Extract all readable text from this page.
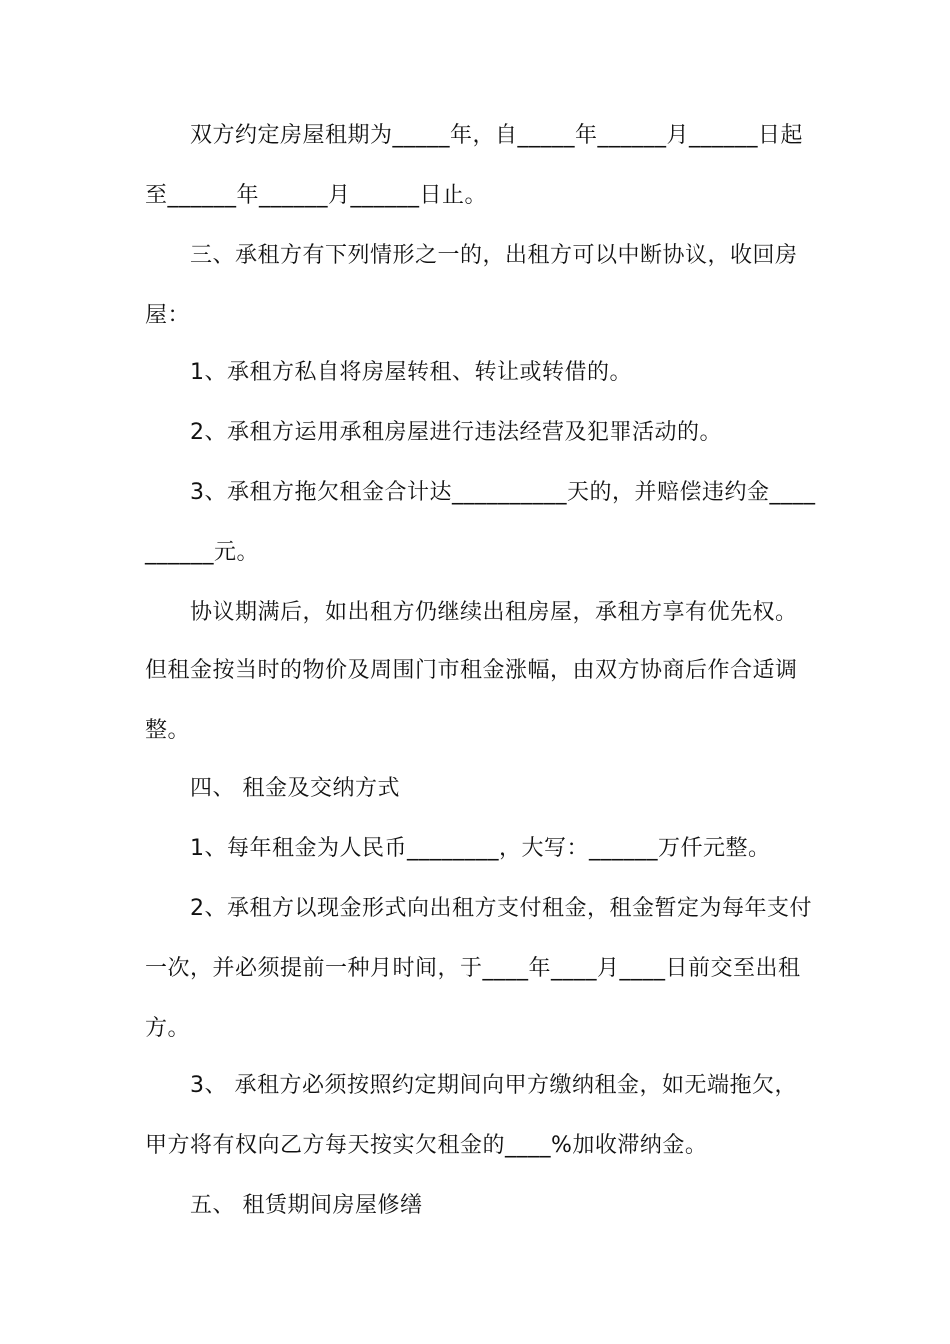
双方约定房屋租期为_____年，自_____年______月______日起
至______年______月______日止。
三、承租方有下列情形之一的，出租方可以中断协议，收回房
屋：
1、承租方私自将房屋转租、转让或转借的。
2、承租方运用承租房屋进行违法经营及犯罪活动的。
3、承租方拖欠租金合计达__________天的，并赔偿违约金____
______元。
协议期满后，如出租方仍继续出租房屋，承租方享有优先权。
但租金按当时的物价及周围门市租金涨幅，由双方协商后作合适调
整。
四、 租金及交纳方式
1、每年租金为人民币________，大写：______万仟元整。
2、承租方以现金形式向出租方支付租金，租金暂定为每年支付
一次，并必须提前一种月时间，于____年____月____日前交至出租
方。
3、 承租方必须按照约定期间向甲方缴纳租金，如无端拖欠，
甲方将有权向乙方每天按实欠租金的____%加收滞纳金。
五、 租赁期间房屋修缮
